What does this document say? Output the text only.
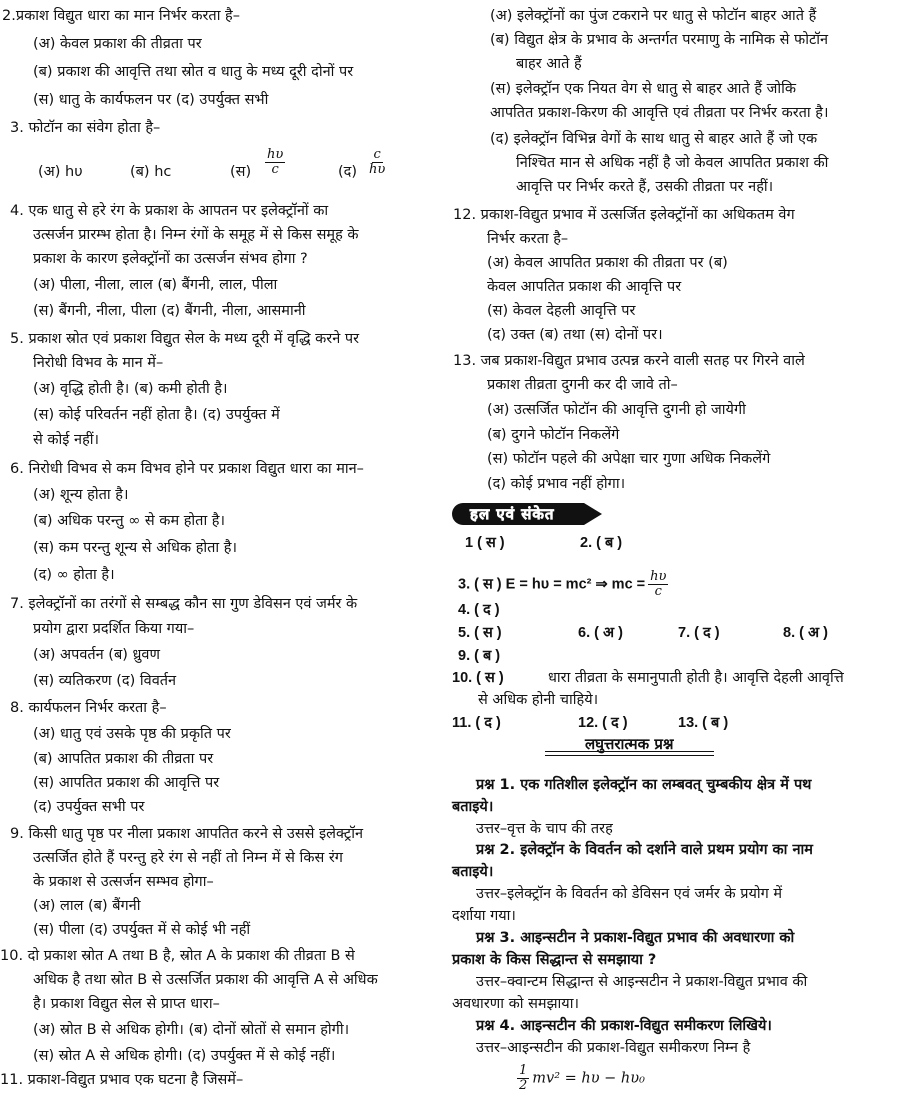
2.प्रकाश विद्युत धारा का मान निर्भर करता है–
(अ) केवल प्रकाश की तीव्रता पर
(ब) प्रकाश की आवृत्ति तथा स्रोत व धातु के मध्य दूरी दोनों पर
(स) धातु के कार्यफलन पर (द) उपर्युक्त सभी
3. फोटॉन का संवेग होता है–
4. एक धातु से हरे रंग के प्रकाश के आपतन पर इलेक्ट्रॉनों का
उत्सर्जन प्रारम्भ होता है। निम्न रंगों के समूह में से किस समूह के
प्रकाश के कारण इलेक्ट्रॉनों का उत्सर्जन संभव होगा ?
(अ) पीला, नीला, लाल (ब) बैंगनी, लाल, पीला
(स) बैंगनी, नीला, पीला (द) बैंगनी, नीला, आसमानी
5. प्रकाश स्रोत एवं प्रकाश विद्युत सेल के मध्य दूरी में वृद्धि करने पर
निरोधी विभव के मान में–
(अ) वृद्धि होती है। (ब) कमी होती है।
(स) कोई परिवर्तन नहीं होता है। (द) उपर्युक्त में
से कोई नहीं।
6. निरोधी विभव से कम विभव होने पर प्रकाश विद्युत धारा का मान–
(अ) शून्य होता है।
(ब) अधिक परन्तु ∞ से कम होता है।
(स) कम परन्तु शून्य से अधिक होता है।
(द) ∞ होता है।
7. इलेक्ट्रॉनों का तरंगों से सम्बद्ध कौन सा गुण डेविसन एवं जर्मर के
प्रयोग द्वारा प्रदर्शित किया गया–
(अ) अपवर्तन (ब) ध्रुवण
(स) व्यतिकरण (द) विवर्तन
8. कार्यफलन निर्भर करता है–
(अ) धातु एवं उसके पृष्ठ की प्रकृति पर
(ब) आपतित प्रकाश की तीव्रता पर
(स) आपतित प्रकाश की आवृत्ति पर
(द) उपर्युक्त सभी पर
9. किसी धातु पृष्ठ पर नीला प्रकाश आपतित करने से उससे इलेक्ट्रॉन
उत्सर्जित होते हैं परन्तु हरे रंग से नहीं तो निम्न में से किस रंग
के प्रकाश से उत्सर्जन सम्भव होगा–
(अ) लाल (ब) बैंगनी
(स) पीला (द) उपर्युक्त में से कोई भी नहीं
10. दो प्रकाश स्रोत A तथा B है, स्रोत A के प्रकाश की तीव्रता B से
अधिक है तथा स्रोत B से उत्सर्जित प्रकाश की आवृत्ति A से अधिक
है। प्रकाश विद्युत सेल से प्राप्त धारा–
(अ) स्रोत B से अधिक होगी। (ब) दोनों स्रोतों से समान होगी।
(स) स्रोत A से अधिक होगी। (द) उपर्युक्त में से कोई नहीं।
11. प्रकाश-विद्युत प्रभाव एक घटना है जिसमें–
(अ) hυ	(ब) hc	(स)	(द)
$\frac{h\upsilon}{c}$	$\frac{c}{h\upsilon}$
(अ) इलेक्ट्रॉनों का पुंज टकराने पर धातु से फोटॉन बाहर आते हैं
(ब) विद्युत क्षेत्र के प्रभाव के अन्तर्गत परमाणु के नामिक से फोटॉन
बाहर आते हैं
(स) इलेक्ट्रॉन एक नियत वेग से धातु से बाहर आते हैं जोकि
आपतित प्रकाश-किरण की आवृत्ति एवं तीव्रता पर निर्भर करता है।
(द) इलेक्ट्रॉन विभिन्न वेगों के साथ धातु से बाहर आते हैं जो एक
निश्चित मान से अधिक नहीं है जो केवल आपतित प्रकाश की
आवृत्ति पर निर्भर करते हैं, उसकी तीव्रता पर नहीं।
12. प्रकाश-विद्युत प्रभाव में उत्सर्जित इलेक्ट्रॉनों का अधिकतम वेग
निर्भर करता है–
(अ) केवल आपतित प्रकाश की तीव्रता पर (ब)
केवल आपतित प्रकाश की आवृत्ति पर
(स) केवल देहली आवृत्ति पर
(द) उक्त (ब) तथा (स) दोनों पर।
13. जब प्रकाश-विद्युत प्रभाव उत्पन्न करने वाली सतह पर गिरने वाले
प्रकाश तीव्रता दुगनी कर दी जावे तो–
(अ) उत्सर्जित फोटॉन की आवृत्ति दुगनी हो जायेगी
(ब) दुगने फोटॉन निकलेंगे
(स) फोटॉन पहले की अपेक्षा चार गुणा अधिक निकलेंगे
(द) कोई प्रभाव नहीं होगा।
हल एवं संकेत
1 ( स )	2. ( ब )
4. ( द )
5. ( स )	6. ( अ )	7. ( द )	8. ( अ )
9. ( ब )
10. ( स )
11. ( द )	12. ( द )	13. ( ब )
3. ( स ) E = hυ = mc² ⇒ mc = $\frac{h\upsilon}{c}$
धारा तीव्रता के समानुपाती होती है। आवृत्ति देहली आवृत्ति
से अधिक होनी चाहिये।
लघुत्तरात्मक प्रश्न
प्रश्न 1. एक गतिशील इलेक्ट्रॉन का लम्बवत् चुम्बकीय क्षेत्र में पथ
बताइये।
उत्तर–वृत्त के चाप की तरह
प्रश्न 2. इलेक्ट्रॉन के विवर्तन को दर्शाने वाले प्रथम प्रयोग का नाम
बताइये।
उत्तर–इलेक्ट्रॉन के विवर्तन को डेविसन एवं जर्मर के प्रयोग में
दर्शाया गया।
प्रश्न 3. आइन्सटीन ने प्रकाश-विद्युत प्रभाव की अवधारणा को
प्रकाश के किस सिद्धान्त से समझाया ?
उत्तर–क्वान्टम सिद्धान्त से आइन्सटीन ने प्रकाश-विद्युत प्रभाव की
अवधारणा को समझाया।
प्रश्न 4. आइन्सटीन की प्रकाश-विद्युत समीकरण लिखिये।
उत्तर–आइन्सटीन की प्रकाश-विद्युत समीकरण निम्न है
$\frac{1}{2} mv^2 = h\upsilon - h\upsilon_0$
